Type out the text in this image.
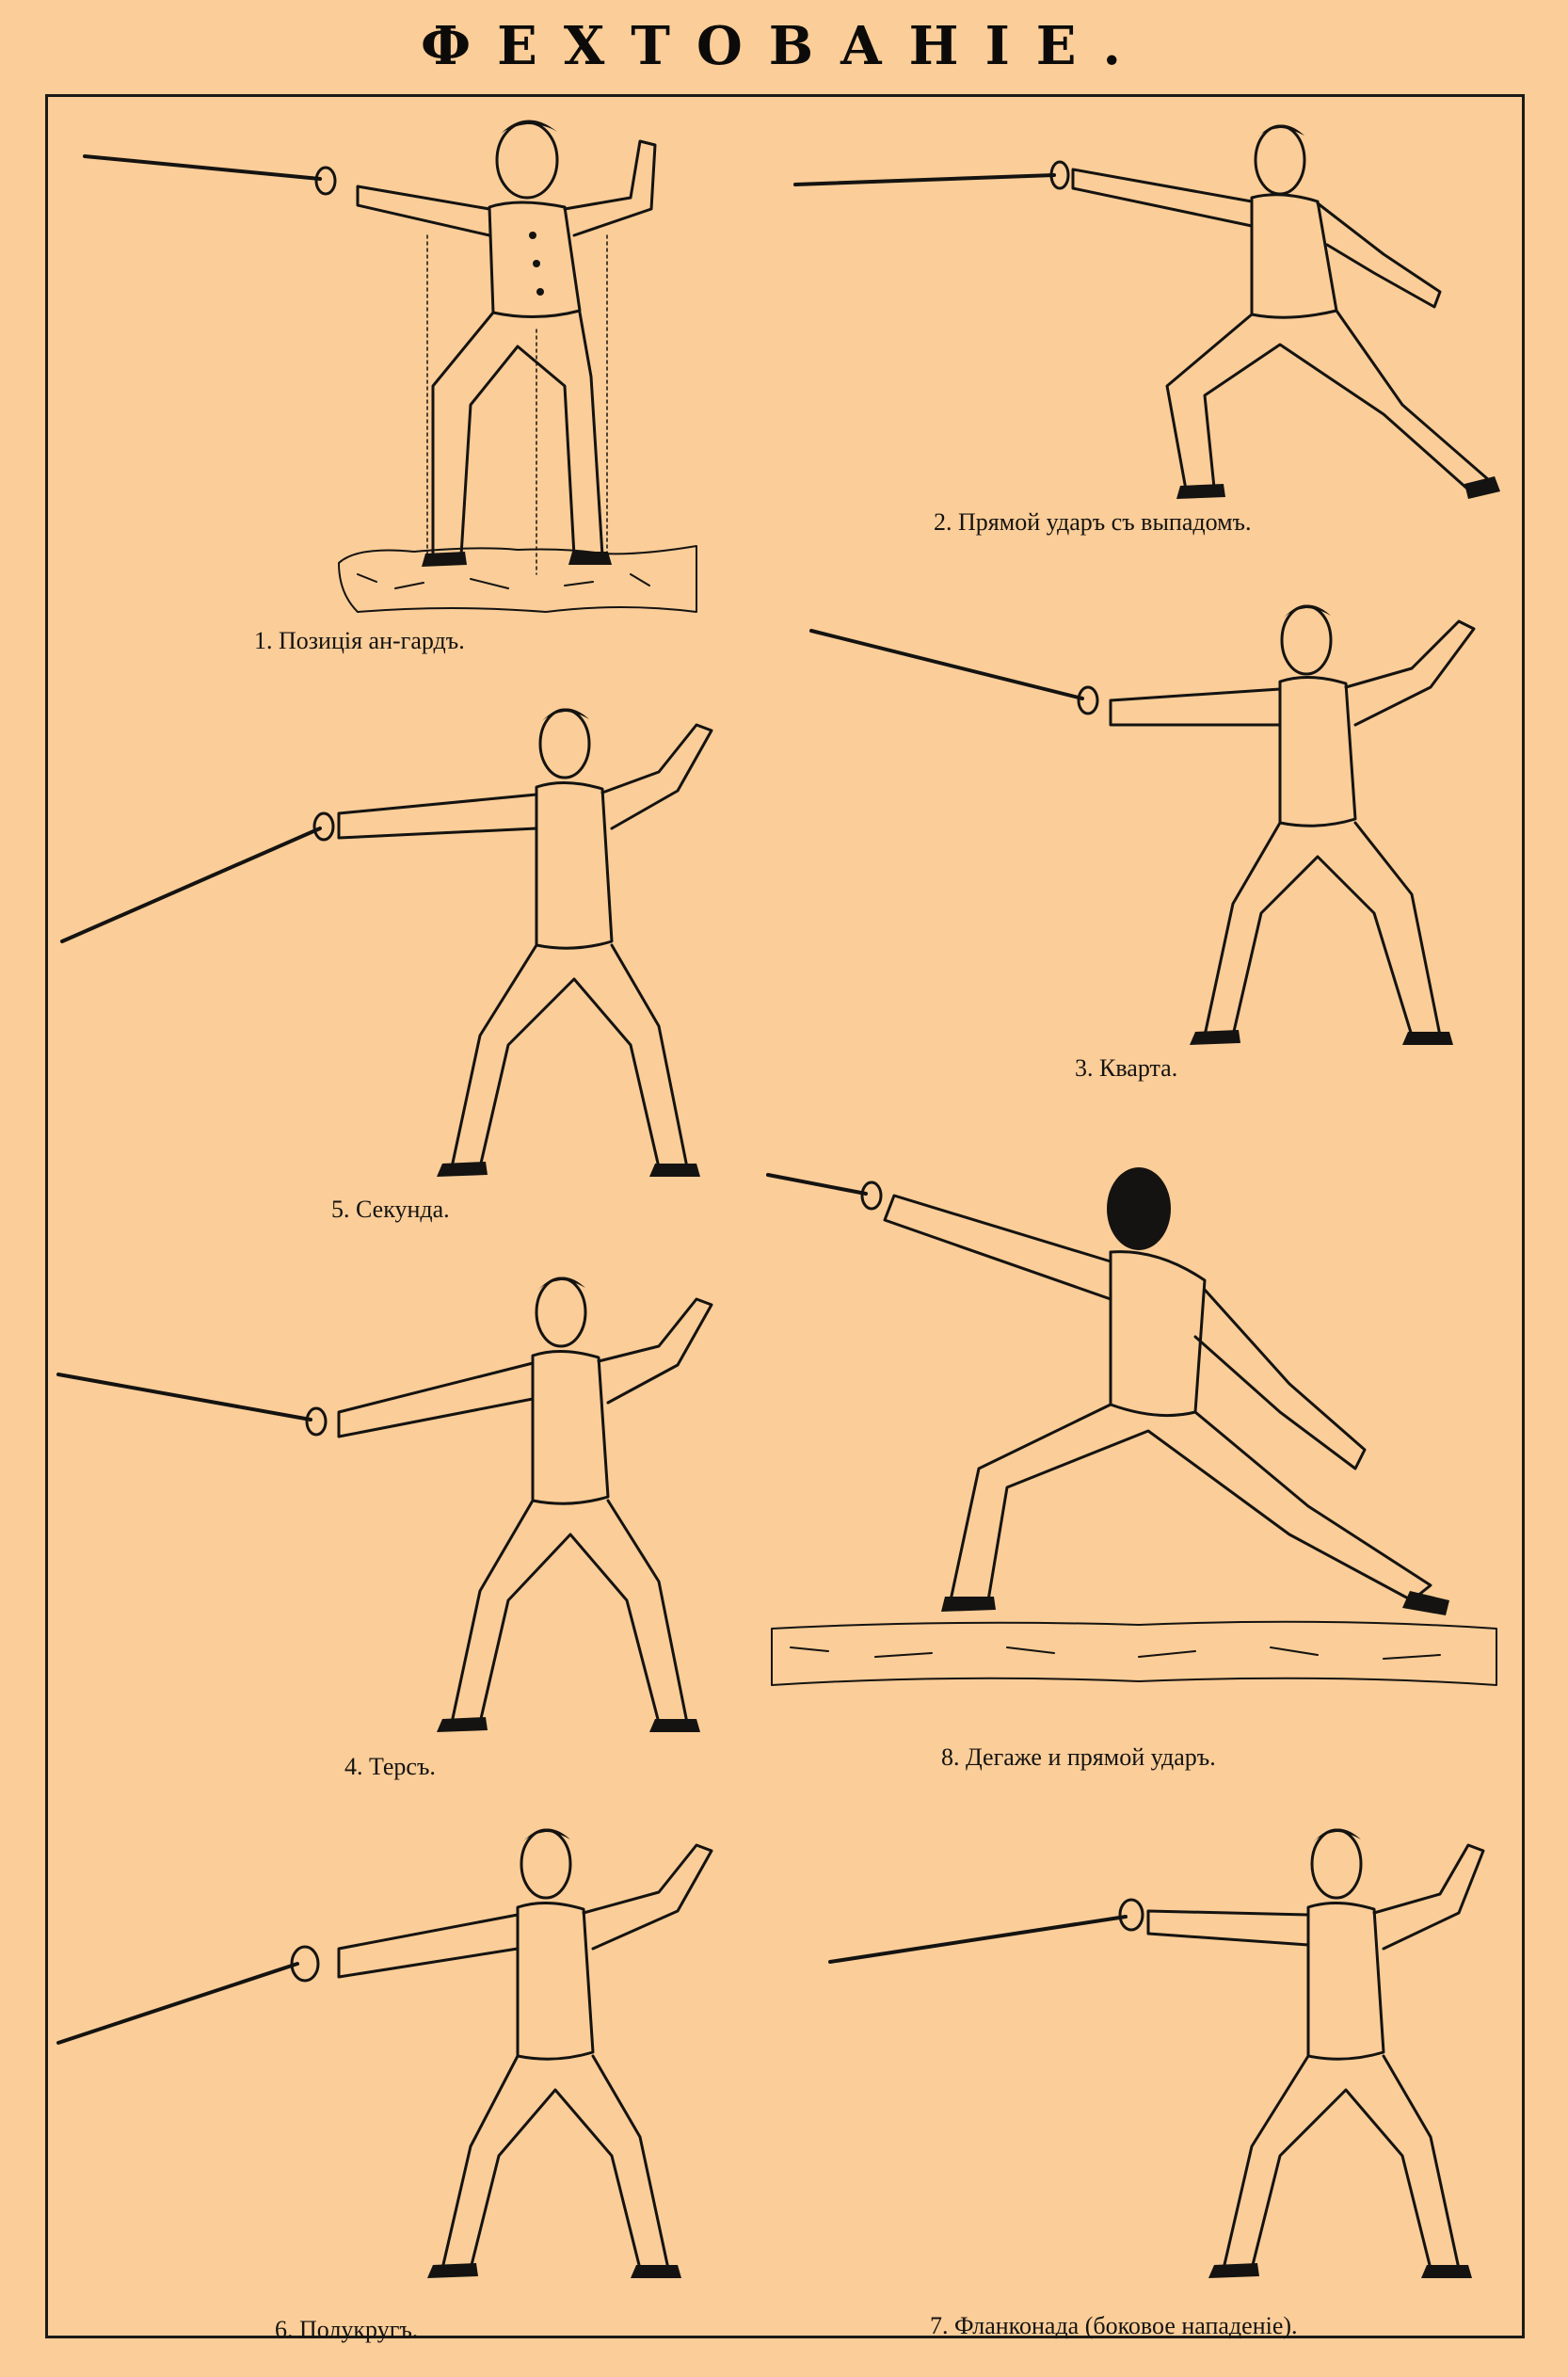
ФЕХТОВАНIЕ.
1. Позиція ан-гардъ.
2. Прямой ударъ съ выпадомъ.
3. Кварта.
5. Секунда.
8. Дегаже и прямой ударъ.
4. Терсъ.
6. Полукругъ.	7. Фланконада (боковое нападеніе).
